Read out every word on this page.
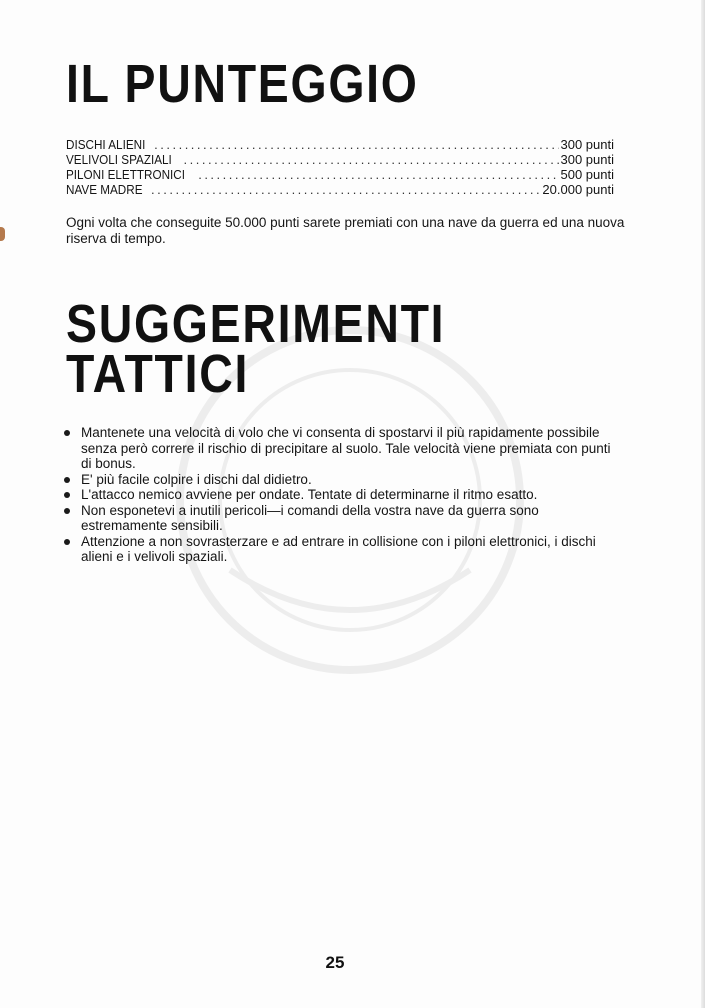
IL PUNTEGGIO
DISCHI ALIENI .....	300 punti
VELIVOLI SPAZIALI .....	300 punti
PILONI ELETTRONICI .....	500 punti
NAVE MADRE .....	20.000 punti
Ogni volta che conseguite 50.000 punti sarete premiati con una nave da guerra ed una nuova riserva di tempo.
SUGGERIMENTI
TATTICI
Mantenete una velocità di volo che vi consenta di spostarvi il più rapidamente possibile senza però correre il rischio di precipitare al suolo. Tale velocità viene premiata con punti di bonus.
E' più facile colpire i dischi dal didietro.
L'attacco nemico avviene per ondate. Tentate di determinarne il ritmo esatto.
Non esponetevi a inutili pericoli—i comandi della vostra nave da guerra sono estremamente sensibili.
Attenzione a non sovrasterzare e ad entrare in collisione con i piloni elettronici, i dischi alieni e i velivoli spaziali.
25
